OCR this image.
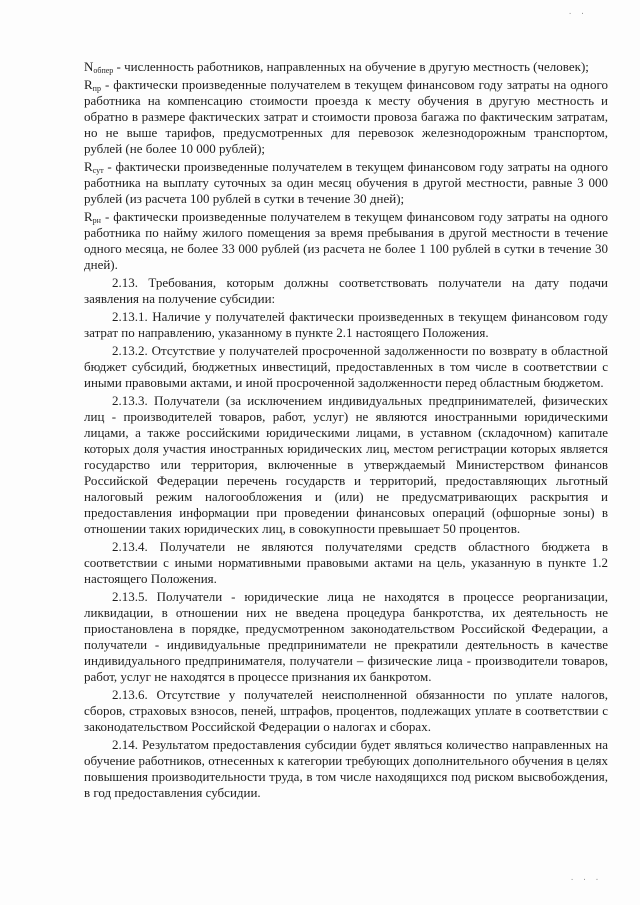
· ·

$N_{обпер}$ - численность работников, направленных на обучение в другую местность (человек);

$R_{пр}$ - фактически произведенные получателем в текущем финансовом году затраты на одного работника на компенсацию стоимости проезда к месту обучения в другую местность и обратно в размере фактических затрат и стоимости провоза багажа по фактическим затратам, но не выше тарифов, предусмотренных для перевозок железнодорожным транспортом, рублей (не более 10 000 рублей);

$R_{сут}$ - фактически произведенные получателем в текущем финансовом году затраты на одного работника на выплату суточных за один месяц обучения в другой местности, равные 3 000 рублей (из расчета 100 рублей в сутки в течение 30 дней);

$R_{рн}$ - фактически произведенные получателем в текущем финансовом году затраты на одного работника по найму жилого помещения за время пребывания в другой местности в течение одного месяца, не более 33 000 рублей (из расчета не более 1 100 рублей в сутки в течение 30 дней).

2.13. Требования, которым должны соответствовать получатели на дату подачи заявления на получение субсидии:

2.13.1. Наличие у получателей фактически произведенных в текущем финансовом году затрат по направлению, указанному в пункте 2.1 настоящего Положения.

2.13.2. Отсутствие у получателей просроченной задолженности по возврату в областной бюджет субсидий, бюджетных инвестиций, предоставленных в том числе в соответствии с иными правовыми актами, и иной просроченной задолженности перед областным бюджетом.

2.13.3. Получатели (за исключением индивидуальных предпринимателей, физических лиц - производителей товаров, работ, услуг) не являются иностранными юридическими лицами, а также российскими юридическими лицами, в уставном (складочном) капитале которых доля участия иностранных юридических лиц, местом регистрации которых является государство или территория, включенные в утверждаемый Министерством финансов Российской Федерации перечень государств и территорий, предоставляющих льготный налоговый режим налогообложения и (или) не предусматривающих раскрытия и предоставления информации при проведении финансовых операций (офшорные зоны) в отношении таких юридических лиц, в совокупности превышает 50 процентов.

2.13.4. Получатели не являются получателями средств областного бюджета в соответствии с иными нормативными правовыми актами на цель, указанную в пункте 1.2 настоящего Положения.

2.13.5. Получатели - юридические лица не находятся в процессе реорганизации, ликвидации, в отношении них не введена процедура банкротства, их деятельность не приостановлена в порядке, предусмотренном законодательством Российской Федерации, а получатели - индивидуальные предприниматели не прекратили деятельность в качестве индивидуального предпринимателя, получатели – физические лица - производители товаров, работ, услуг не находятся в процессе признания их банкротом.

2.13.6. Отсутствие у получателей неисполненной обязанности по уплате налогов, сборов, страховых взносов, пеней, штрафов, процентов, подлежащих уплате в соответствии с законодательством Российской Федерации о налогах и сборах.

2.14. Результатом предоставления субсидии будет являться количество направленных на обучение работников, отнесенных к категории требующих дополнительного обучения в целях повышения производительности труда, в том числе находящихся под риском высвобождения, в год предоставления субсидии.

· · ·
